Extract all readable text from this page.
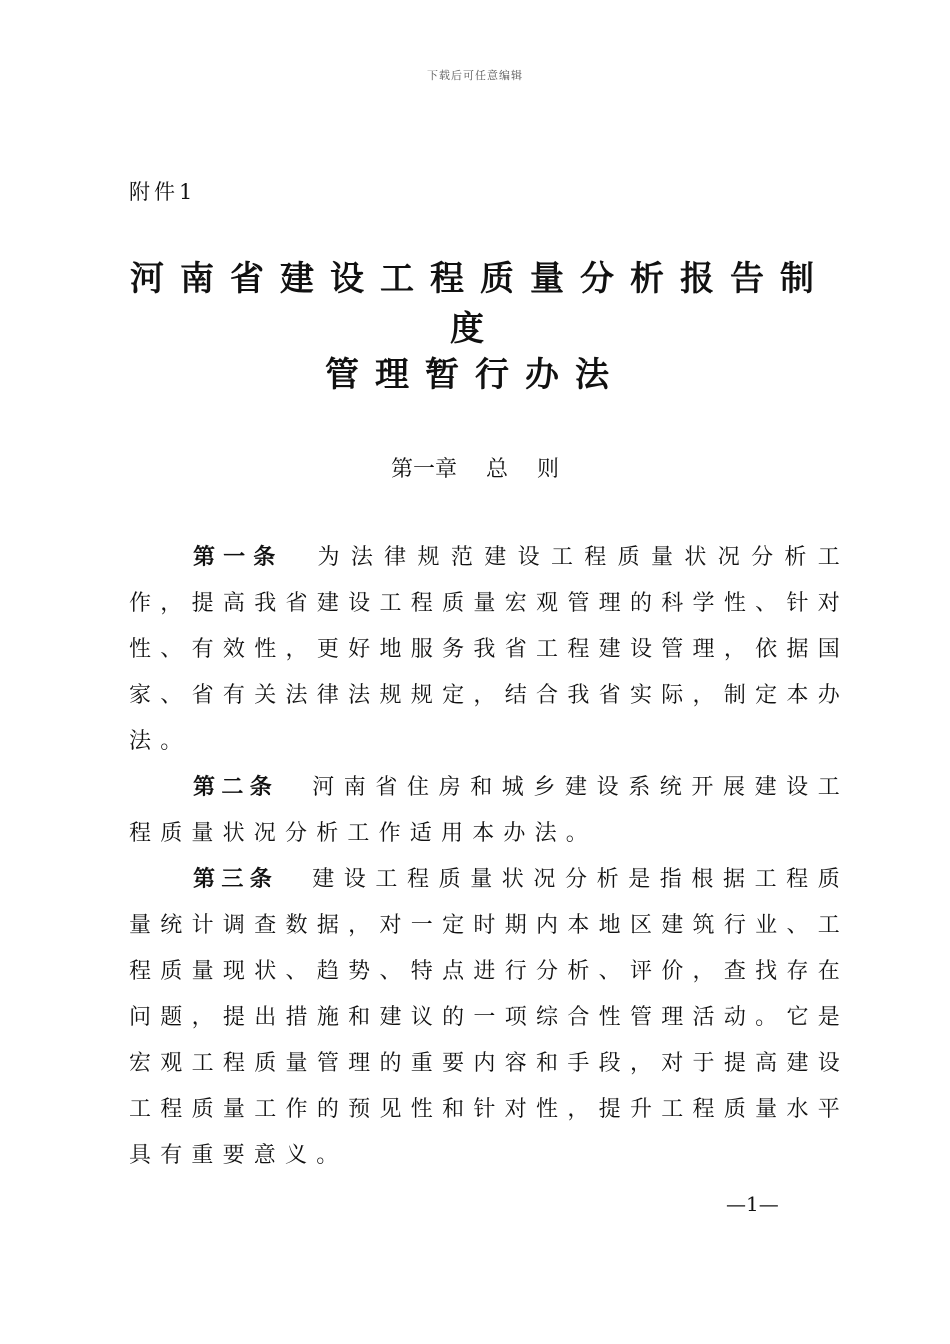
下载后可任意编辑
附件1
河南省建设工程质量分析报告制
度
管理暂行办法
第一章　 总　 则

第一条 为法律规范建设工程质量状况分析工作，提高我省建设工程质量宏观管理的科学性、针对性、有效性，更好地服务我省工程建设管理，依据国家、省有关法律法规规定，结合我省实际，制定本办法。

第二条 河南省住房和城乡建设系统开展建设工程质量状况分析工作适用本办法。

第三条 建设工程质量状况分析是指根据工程质量统计调查数据，对一定时期内本地区建筑行业、工程质量现状、趋势、特点进行分析、评价，查找存在问题，提出措施和建议的一项综合性管理活动。它是宏观工程质量管理的重要内容和手段，对于提高建设工程质量工作的预见性和针对性，提升工程质量水平具有重要意义。

—1—
